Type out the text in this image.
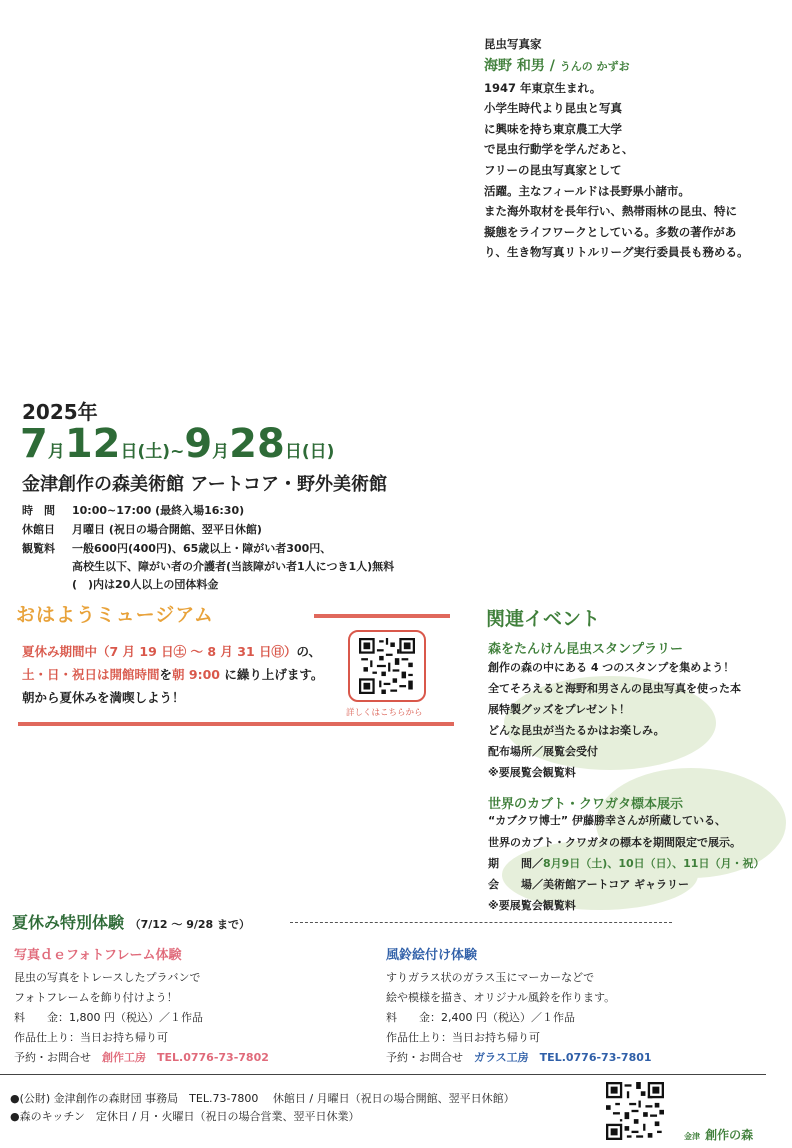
昆虫写真家
海野 和男 / うんの かずお
1947 年東京生まれ。
小学生時代より昆虫と写真
に興味を持ち東京農工大学
で昆虫行動学を学んだあと、
フリーの昆虫写真家として
活躍。主なフィールドは長野県小諸市。
また海外取材を長年行い、熱帯雨林の昆虫、特に
擬態をライフワークとしている。多数の著作があ
り、生き物写真リトルリーグ実行委員長も務める。
2025年
7月12日(土)~9月28日(日)
金津創作の森美術館 アートコア・野外美術館
時　間 10:00~17:00 (最終入場16:30)
休館日 月曜日 (祝日の場合開館、翌平日休館)
観覧料 一般600円(400円)、65歳以上・障がい者300円、
高校生以下、障がい者の介護者(当該障がい者1人につき1人)無料
(　)内は20人以上の団体料金
おはようミュージアム
夏休み期間中（7 月 19 日㊏ ～ 8 月 31 日㊐）の、
土・日・祝日は開館時間を朝 9:00 に繰り上げます。
朝から夏休みを満喫しよう！
詳しくはこちらから
関連イベント
森をたんけん昆虫スタンプラリー
創作の森の中にある 4 つのスタンプを集めよう！
全てそろえると海野和男さんの昆虫写真を使った本
展特製グッズをプレゼント！
どんな昆虫が当たるかはお楽しみ。
配布場所／展覧会受付
※要展覧会観覧料
世界のカブト・クワガタ標本展示
“カブクワ博士” 伊藤勝幸さんが所蔵している、
世界のカブト・クワガタの標本を期間限定で展示。
期　　間／8月9日（土)、10日（日）、11日（月・祝）
会　　場／美術館アートコア ギャラリー
※要展覧会観覧料
夏休み特別体験 （7/12 ～ 9/28 まで）
写真ｄｅフォトフレーム体験
昆虫の写真をトレースしたプラバンで
フォトフレームを飾り付けよう！
料　　金：1,800 円（税込）／１作品
作品仕上り：当日お持ち帰り可
予約・お問合せ　創作工房　TEL.0776-73-7802
風鈴絵付け体験
すりガラス状のガラス玉にマーカーなどで
絵や模様を描き、オリジナル風鈴を作ります。
料　　金：2,400 円（税込）／１作品
作品仕上り：当日お持ち帰り可
予約・お問合せ　ガラス工房　TEL.0776-73-7801
●(公財) 金津創作の森財団 事務局　TEL.73-7800　 休館日 / 月曜日（祝日の場合開館、翌平日休館）
●森のキッチン　定休日 / 月・火曜日（祝日の場合営業、翌平日休業）
金津 創作の森
